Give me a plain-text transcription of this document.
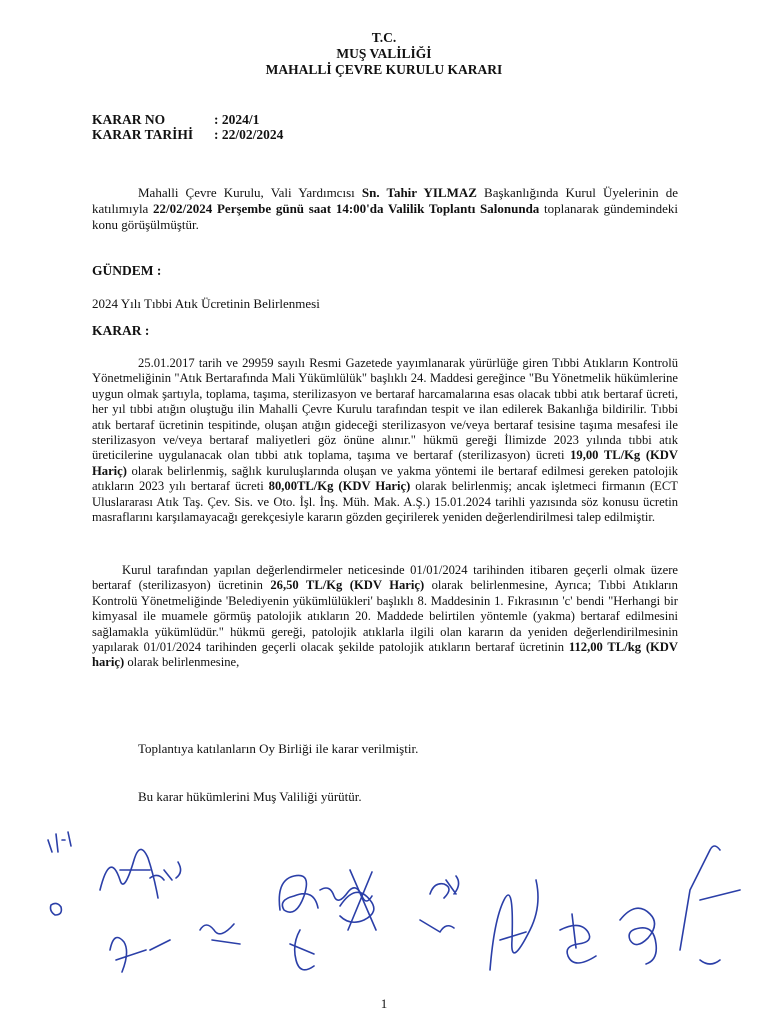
T.C.
MUŞ VALİLİĞİ
MAHALLİ ÇEVRE KURULU KARARI
KARAR NO	: 2024/1
KARAR TARİHİ : 22/02/2024
Mahalli Çevre Kurulu, Vali Yardımcısı Sn. Tahir YILMAZ Başkanlığında Kurul Üyelerinin de katılımıyla 22/02/2024 Perşembe günü saat 14:00'da Valilik Toplantı Salonunda toplanarak gündemindeki konu görüşülmüştür.
GÜNDEM :
2024 Yılı Tıbbi Atık Ücretinin Belirlenmesi
KARAR :
25.01.2017 tarih ve 29959 sayılı Resmi Gazetede yayımlanarak yürürlüğe giren Tıbbi Atıkların Kontrolü Yönetmeliğinin "Atık Bertarafında Mali Yükümlülük" başlıklı 24. Maddesi gereğince "Bu Yönetmelik hükümlerine uygun olmak şartıyla, toplama, taşıma, sterilizasyon ve bertaraf harcamalarına esas olacak tıbbi atık bertaraf ücreti, her yıl tıbbi atığın oluştuğu ilin Mahalli Çevre Kurulu tarafından tespit ve ilan edilerek Bakanlığa bildirilir. Tıbbi atık bertaraf ücretinin tespitinde, oluşan atığın gideceği sterilizasyon ve/veya bertaraf tesisine taşıma mesafesi ile sterilizasyon ve/veya bertaraf maliyetleri göz önüne alınır." hükmü gereği İlimizde 2023 yılında tıbbi atık üreticilerine uygulanacak olan tıbbi atık toplama, taşıma ve bertaraf (sterilizasyon) ücreti 19,00 TL/Kg (KDV Hariç) olarak belirlenmiş, sağlık kuruluşlarında oluşan ve yakma yöntemi ile bertaraf edilmesi gereken patolojik atıkların 2023 yılı bertaraf ücreti 80,00TL/Kg (KDV Hariç) olarak belirlenmiş; ancak işletmeci firmanın (ECT Uluslararası Atık Taş. Çev. Sis. ve Oto. İşl. İnş. Müh. Mak. A.Ş.) 15.01.2024 tarihli yazısında söz konusu ücretin masraflarını karşılamayacağı gerekçesiyle kararın gözden geçirilerek yeniden değerlendirilmesi talep edilmiştir.
Kurul tarafından yapılan değerlendirmeler neticesinde 01/01/2024 tarihinden itibaren geçerli olmak üzere bertaraf (sterilizasyon) ücretinin 26,50 TL/Kg (KDV Hariç) olarak belirlenmesine, Ayrıca; Tıbbi Atıkların Kontrolü Yönetmeliğinde 'Belediyenin yükümlülükleri' başlıklı 8. Maddesinin 1. Fıkrasının 'c' bendi "Herhangi bir kimyasal ile muamele görmüş patolojik atıkların 20. Maddede belirtilen yöntemle (yakma) bertaraf edilmesini sağlamakla yükümlüdür." hükmü gereği, patolojik atıklarla ilgili olan kararın da yeniden değerlendirilmesinin yapılarak 01/01/2024 tarihinden geçerli olacak şekilde patolojik atıkların bertaraf ücretinin 112,00 TL/kg (KDV hariç) olarak belirlenmesine,
Toplantıya katılanların Oy Birliği ile karar verilmiştir.
Bu karar hükümlerini Muş Valiliği yürütür.
1
